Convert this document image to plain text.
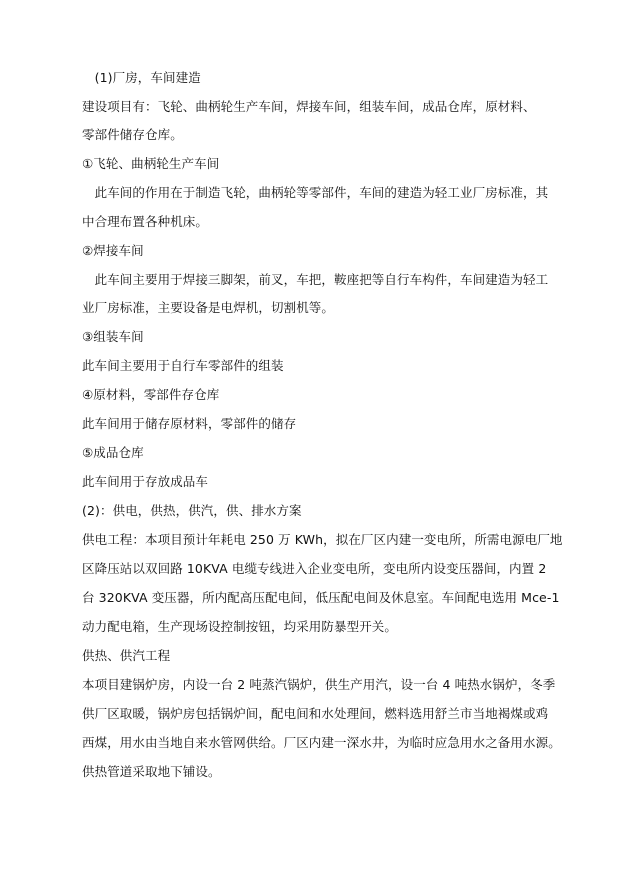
　(1)厂房，车间建造
建设项目有：飞轮、曲柄轮生产车间，焊接车间，组装车间，成品仓库，原材料、
零部件储存仓库。
①飞轮、曲柄轮生产车间
　此车间的作用在于制造飞轮，曲柄轮等零部件，车间的建造为轻工业厂房标准，其
中合理布置各种机床。
②焊接车间
　此车间主要用于焊接三脚架，前叉，车把，鞍座把等自行车构件，车间建造为轻工
业厂房标准，主要设备是电焊机，切割机等。
③组装车间
此车间主要用于自行车零部件的组装
④原材料，零部件存仓库
此车间用于储存原材料，零部件的储存
⑤成品仓库
此车间用于存放成品车
(2)：供电，供热，供汽，供、排水方案
供电工程：本项目预计年耗电 250 万 KWh，拟在厂区内建一变电所，所需电源电厂地
区降压站以双回路 10KVA 电缆专线进入企业变电所，变电所内设变压器间，内置 2
台 320KVA 变压器，所内配高压配电间，低压配电间及休息室。车间配电选用 Mce-1
动力配电箱，生产现场设控制按钮，均采用防暴型开关。
供热、供汽工程
本项目建锅炉房，内设一台 2 吨蒸汽锅炉，供生产用汽，设一台 4 吨热水锅炉，冬季
供厂区取暖，锅炉房包括锅炉间，配电间和水处理间，燃料选用舒兰市当地褐煤或鸡
西煤，用水由当地自来水管网供给。厂区内建一深水井，为临时应急用水之备用水源。
供热管道采取地下铺设。
